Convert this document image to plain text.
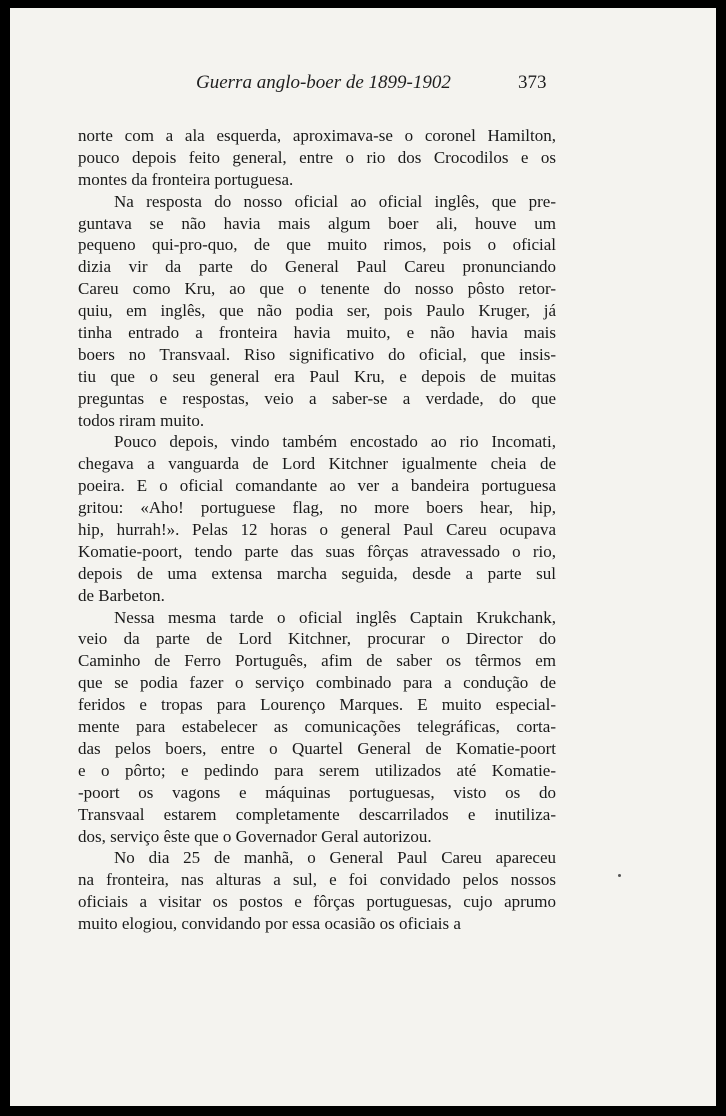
Guerra anglo-boer de 1899-1902	373

norte com a ala esquerda, aproximava-se o coronel Hamilton,
pouco depois feito general, entre o rio dos Crocodilos e os
montes da fronteira portuguesa.

Na resposta do nosso oficial ao oficial inglês, que pre-
guntava se não havia mais algum boer ali, houve um
pequeno qui-pro-quo, de que muito rimos, pois o oficial
dizia vir da parte do General Paul Careu pronunciando
Careu como Kru, ao que o tenente do nosso pôsto retor-
quiu, em inglês, que não podia ser, pois Paulo Kruger, já
tinha entrado a fronteira havia muito, e não havia mais
boers no Transvaal. Riso significativo do oficial, que insis-
tiu que o seu general era Paul Kru, e depois de muitas
preguntas e respostas, veio a saber-se a verdade, do que
todos riram muito.

Pouco depois, vindo também encostado ao rio Incomati,
chegava a vanguarda de Lord Kitchner igualmente cheia de
poeira. E o oficial comandante ao ver a bandeira portuguesa
gritou: «Aho! portuguese flag, no more boers hear, hip,
hip, hurrah!». Pelas 12 horas o general Paul Careu ocupava
Komatie-poort, tendo parte das suas fôrças atravessado o rio,
depois de uma extensa marcha seguida, desde a parte sul
de Barbeton.

Nessa mesma tarde o oficial inglês Captain Krukchank,
veio da parte de Lord Kitchner, procurar o Director do
Caminho de Ferro Português, afim de saber os têrmos em
que se podia fazer o serviço combinado para a condução de
feridos e tropas para Lourenço Marques. E muito especial-
mente para estabelecer as comunicações telegráficas, corta-
das pelos boers, entre o Quartel General de Komatie-poort
e o pôrto; e pedindo para serem utilizados até Komatie-
-poort os vagons e máquinas portuguesas, visto os do
Transvaal estarem completamente descarrilados e inutiliza-
dos, serviço êste que o Governador Geral autorizou.

No dia 25 de manhã, o General Paul Careu apareceu
na fronteira, nas alturas a sul, e foi convidado pelos nossos
oficiais a visitar os postos e fôrças portuguesas, cujo aprumo
muito elogiou, convidando por essa ocasião os oficiais a
